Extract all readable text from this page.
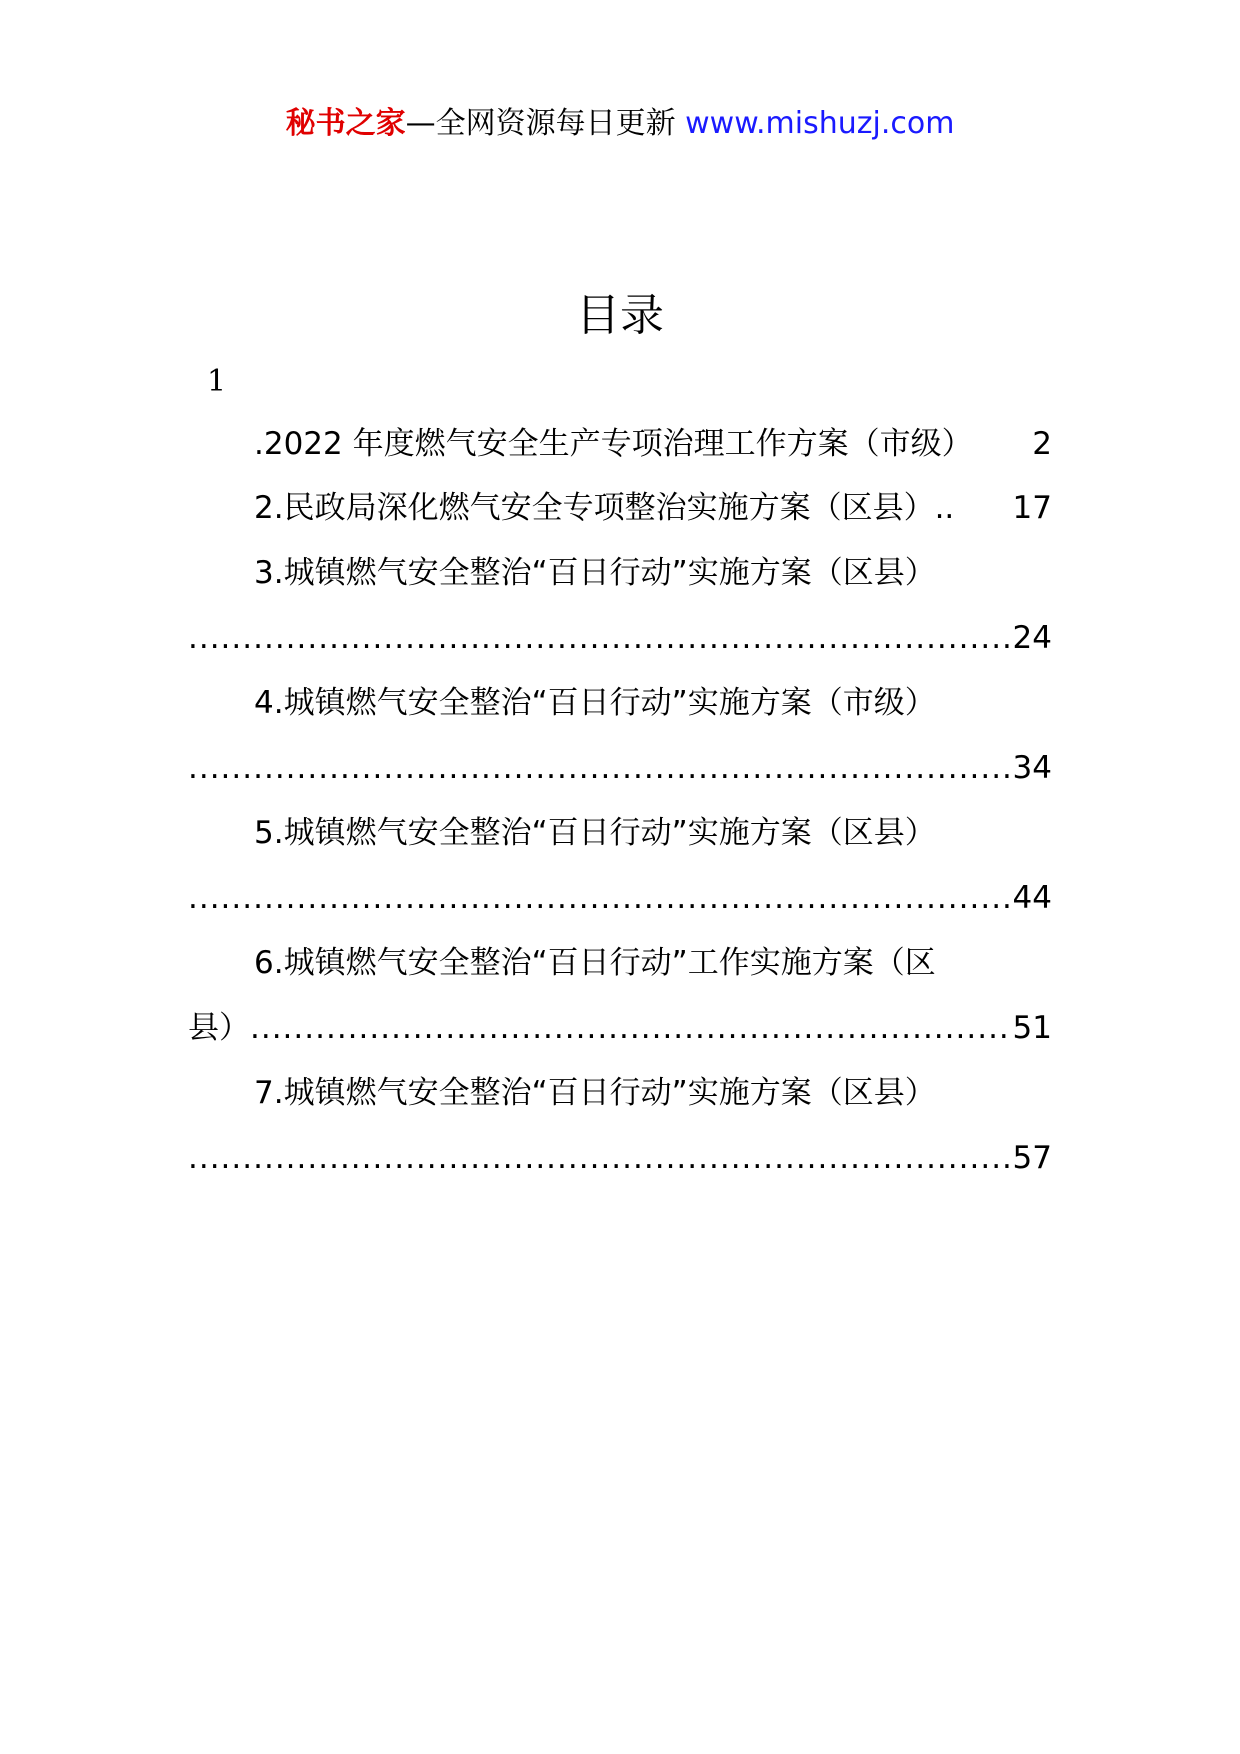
秘书之家—全网资源每日更新 www.mishuzj.com
目录
1
.2022 年度燃气安全生产专项治理工作方案（市级） 2
2.民政局深化燃气安全专项整治实施方案（区县）.. 17
3.城镇燃气安全整治“百日行动”实施方案（区县）
.....
24
4.城镇燃气安全整治“百日行动”实施方案（市级）
.....
34
5.城镇燃气安全整治“百日行动”实施方案（区县）
.....
44
6.城镇燃气安全整治“百日行动”工作实施方案（区
县）
.....	51
7.城镇燃气安全整治“百日行动”实施方案（区县）
.....
57
